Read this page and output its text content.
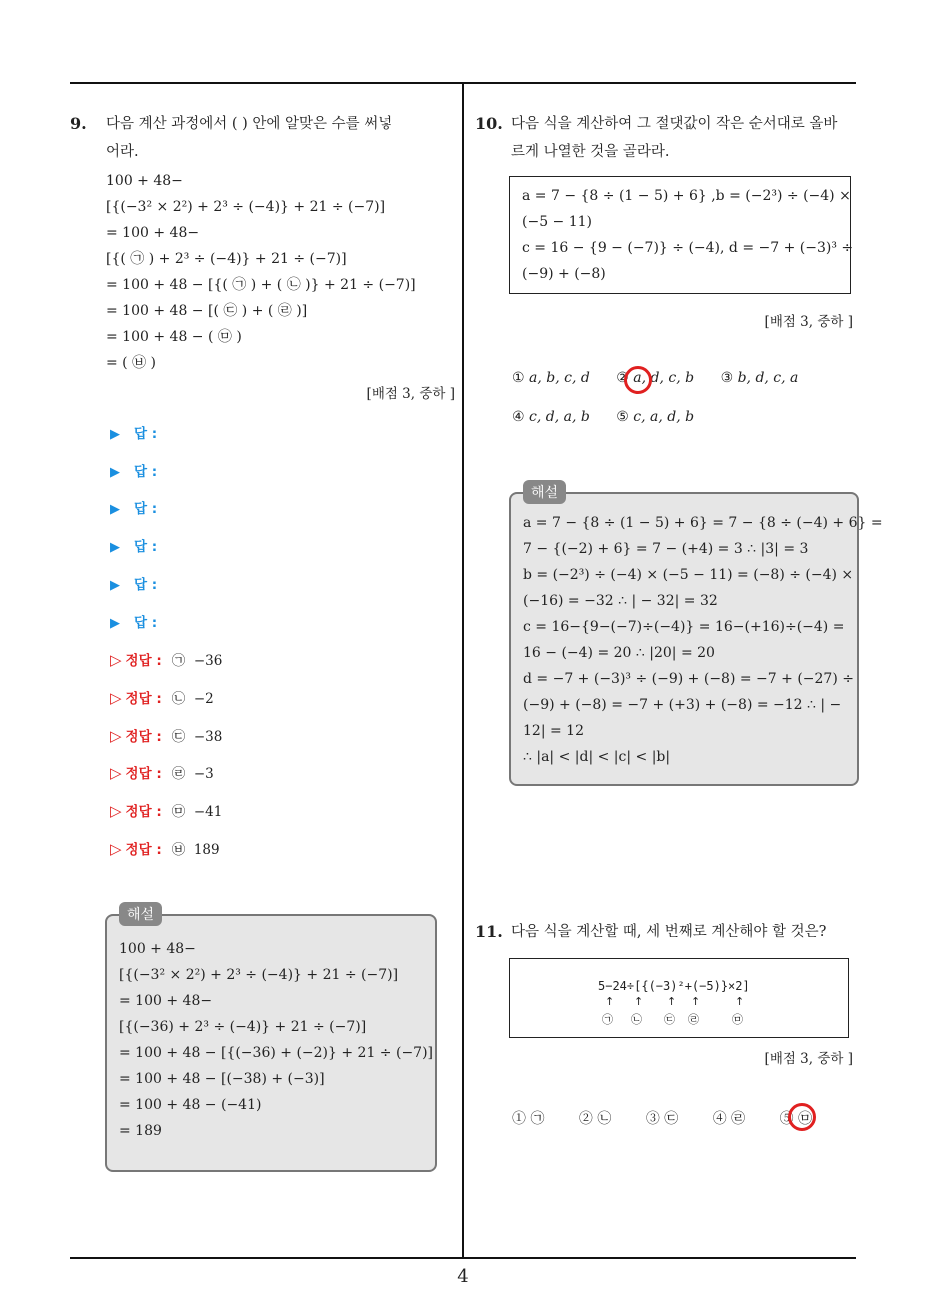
9. 다음 계산 과정에서 ( ) 안에 알맞은 수를 써넣
어라.
100 + 48−
[{(−3² × 2²) + 2³ ÷ (−4)} + 21 ÷ (−7)]
= 100 + 48−
[{( ㉠ ) + 2³ ÷ (−4)} + 21 ÷ (−7)]
= 100 + 48 − [{( ㉠ ) + ( ㉡ )} + 21 ÷ (−7)]
= 100 + 48 − [( ㉢ ) + ( ㉣ )]
= 100 + 48 − ( ㉤ )
= ( ㉥ )
[배점 3, 중하 ]
▶ 답 :
▶ 답 :
▶ 답 :
▶ 답 :
▶ 답 :
▶ 답 :
▷ 정답 : ㉠ −36
▷ 정답 : ㉡ −2
▷ 정답 : ㉢ −38
▷ 정답 : ㉣ −3
▷ 정답 : ㉤ −41
▷ 정답 : ㉥ 189
해설
100 + 48−
[{(−3² × 2²) + 2³ ÷ (−4)} + 21 ÷ (−7)]
= 100 + 48−
[{(−36) + 2³ ÷ (−4)} + 21 ÷ (−7)]
= 100 + 48 − [{(−36) + (−2)} + 21 ÷ (−7)]
= 100 + 48 − [(−38) + (−3)]
= 100 + 48 − (−41)
= 189
10. 다음 식을 계산하여 그 절댓값이 작은 순서대로 올바
르게 나열한 것을 골라라.
a = 7 − {8 ÷ (1 − 5) + 6} ,b = (−2³) ÷ (−4) ×
(−5 − 11)
c = 16 − {9 − (−7)} ÷ (−4), d = −7 + (−3)³ ÷
(−9) + (−8)
[배점 3, 중하 ]
① a, b, c, d ② a, d, c, b ③ b, d, c, a
④ c, d, a, b ⑤ c, a, d, b
해설
a = 7 − {8 ÷ (1 − 5) + 6} = 7 − {8 ÷ (−4) + 6} =
7 − {(−2) + 6} = 7 − (+4) = 3 ∴ |3| = 3
b = (−2³) ÷ (−4) × (−5 − 11) = (−8) ÷ (−4) ×
(−16) = −32 ∴ | − 32| = 32
c = 16−{9−(−7)÷(−4)} = 16−(+16)÷(−4) =
16 − (−4) = 20 ∴ |20| = 20
d = −7 + (−3)³ ÷ (−9) + (−8) = −7 + (−27) ÷
(−9) + (−8) = −7 + (+3) + (−8) = −12 ∴ | −
12| = 12
∴ |a| < |d| < |c| < |b|
11. 다음 식을 계산할 때, 세 번째로 계산해야 할 것은?
5−24÷[{(−3)²+(−5)}×2]
↑ ↑ ↑ ↑	↑
㉠ ㉡ ㉢ ㉣	㉤
[배점 3, 중하 ]
① ㉠ ② ㉡ ③ ㉢ ④ ㉣ ⑤ ㉤
4
